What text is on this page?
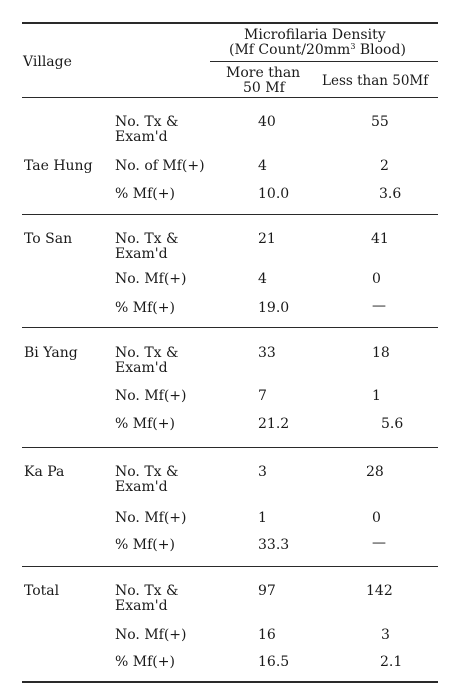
Village
Microfilaria Density
(Mf Count/$20mm^3$ Blood)
More than
50 Mf	Less than 50Mf
Tae Hung
No. Tx &
Exam'd
40	55
No. of Mf(+)	4	2
% Mf(+)	10.0	3.6
To San	No. Tx &
Exam'd
21	41
No. Mf(+)	4	0
% Mf(+)	19.0	—
Bi Yang	No. Tx &
Exam'd
33	18
No. Mf(+)	7	1
% Mf(+)	21.2	5.6
Ka Pa	No. Tx &
Exam'd
3	28
No. Mf(+)	1	0
% Mf(+)	33.3	—
Total	No. Tx &
Exam'd
97	142
No. Mf(+)	16	3
% Mf(+)	16.5	2.1
